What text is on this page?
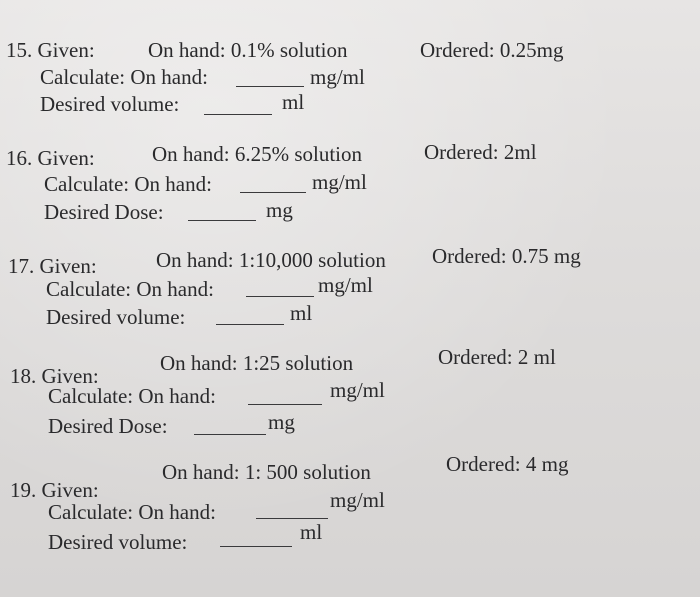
15. Given:	On hand: 0.1% solution	Ordered: 0.25mg
Calculate: On hand:	mg/ml
Desired volume:	ml
16. Given:	On hand: 6.25% solution	Ordered: 2ml
Calculate: On hand:	mg/ml
Desired Dose:	mg
17. Given:	On hand: 1:10,000 solution Ordered: 0.75 mg
Calculate: On hand:	mg/ml
Desired volume:	ml
18. Given:
On hand: 1:25 solution	Ordered: 2 ml
Calculate: On hand:	mg/ml
Desired Dose:	mg
19. Given:
On hand: 1: 500 solution	Ordered: 4 mg
Calculate: On hand:	mg/ml
Desired volume:	ml
